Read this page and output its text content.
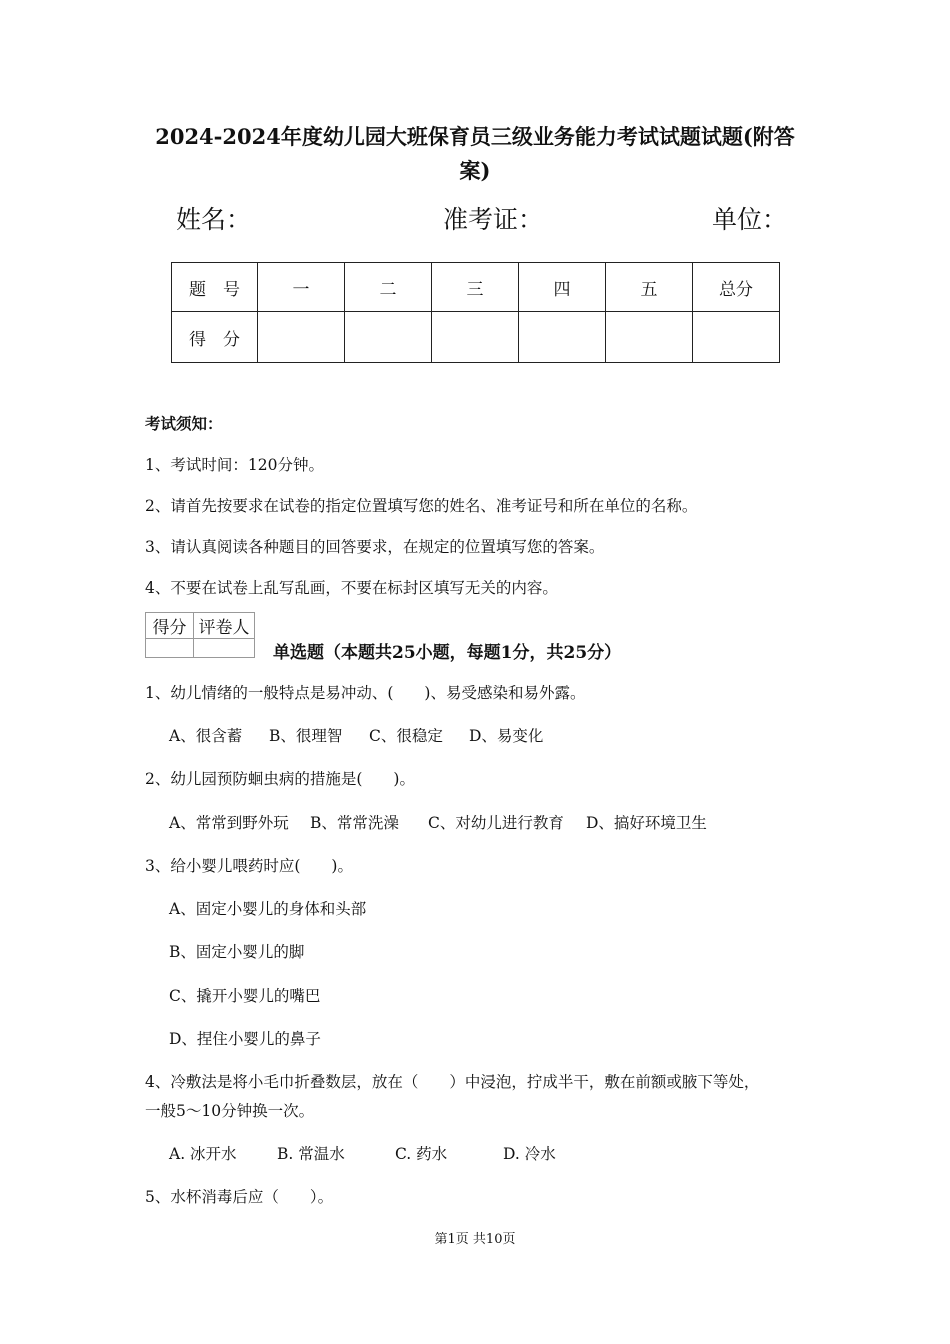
2024-2024年度幼儿园大班保育员三级业务能力考试试题试题(附答案)
姓名：	准考证：	单位：
题　号	一	二	三	四	五	总分
得　分						
考试须知：
1、考试时间：120分钟。
2、请首先按要求在试卷的指定位置填写您的姓名、准考证号和所在单位的名称。
3、请认真阅读各种题目的回答要求，在规定的位置填写您的答案。
4、不要在试卷上乱写乱画，不要在标封区填写无关的内容。
得分	评卷人

单选题（本题共25小题，每题1分，共25分）
1、幼儿情绪的一般特点是易冲动、(　　)、易受感染和易外露。
A、很含蓄 B、很理智 C、很稳定 D、易变化
2、幼儿园预防蛔虫病的措施是(　　)。
A、常常到野外玩 B、常常洗澡 C、对幼儿进行教育 D、搞好环境卫生
3、给小婴儿喂药时应(　　)。
A、固定小婴儿的身体和头部
B、固定小婴儿的脚
C、撬开小婴儿的嘴巴
D、捏住小婴儿的鼻子
4、冷敷法是将小毛巾折叠数层，放在（　　）中浸泡，拧成半干，敷在前额或腋下等处，
一般5～10分钟换一次。
A. 冰开水	B. 常温水	C. 药水	D. 冷水
5、水杯消毒后应（　　）。
第1页 共10页
